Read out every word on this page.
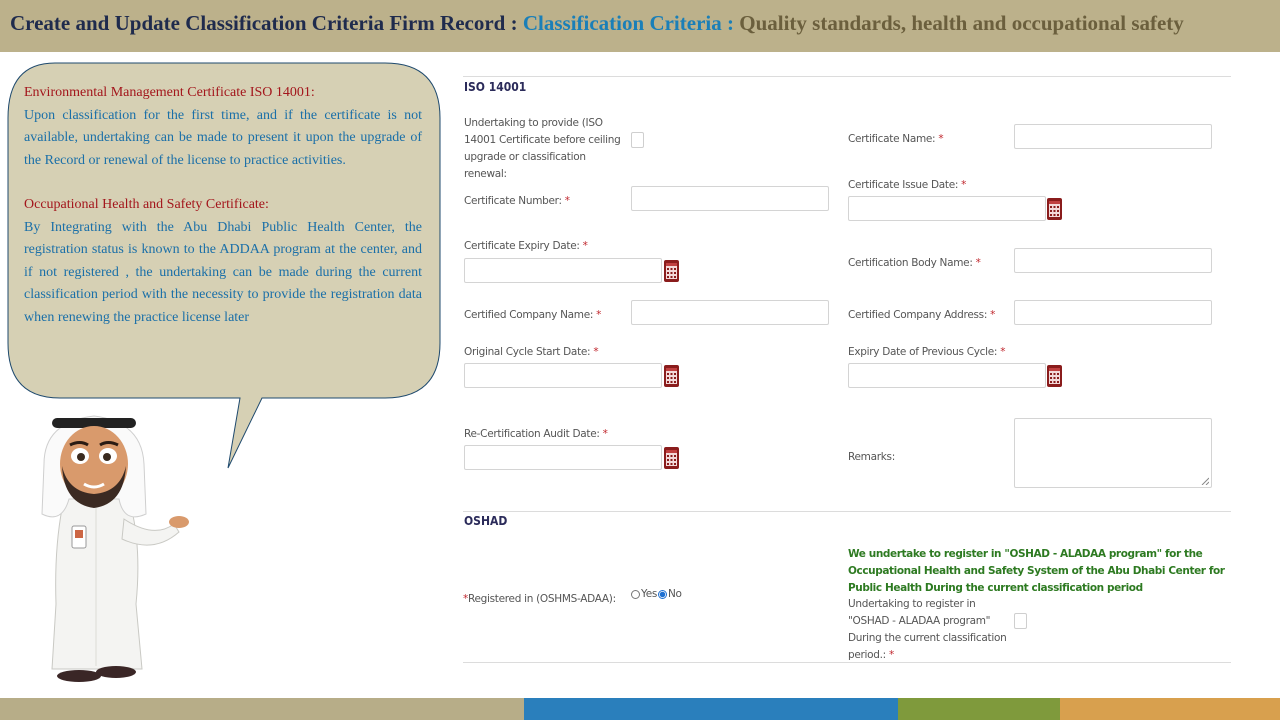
Create and Update Classification Criteria Firm Record : Classification Criteria : Quality standards, health and occupational safety
Environmental Management Certificate ISO 14001:
Upon classification for the first time, and if the certificate is not available, undertaking can be made to present it upon the upgrade of the Record or renewal of the license to practice activities.
Occupational Health and Safety Certificate:
By Integrating with the Abu Dhabi Public Health Center, the registration status is known to the ADDAA program at the center, and if not registered , the undertaking can be made during the current classification period with the necessity to provide the registration data when renewing the practice license later
ISO 14001
Undertaking to provide (ISO 14001 Certificate before ceiling upgrade or classification renewal:
Certificate Name: *
Certificate Number: *
Certificate Issue Date: *
Certificate Expiry Date: *
Certification Body Name: *
Certified Company Name: *	Certified Company Address: *
Original Cycle Start Date: *	Expiry Date of Previous Cycle: *
Re-Certification Audit Date: *
Remarks:
OSHAD
*Registered in (OSHMS-ADAA): Yes No
We undertake to register in "OSHAD - ALADAA program" for the Occupational Health and Safety System of the Abu Dhabi Center for Public Health During the current classification period
Undertaking to register in "OSHAD - ALADAA program" During the current classification period.: *
